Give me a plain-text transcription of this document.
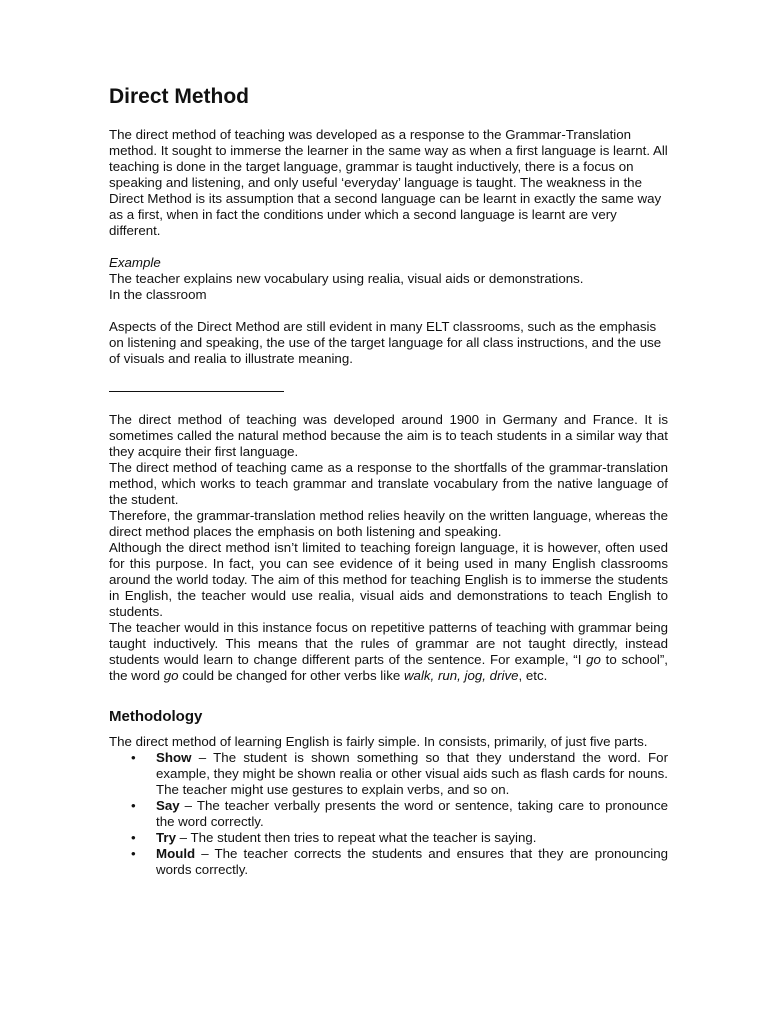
Direct Method

The direct method of teaching was developed as a response to the Grammar-Translation method. It sought to immerse the learner in the same way as when a first language is learnt. All teaching is done in the target language, grammar is taught inductively, there is a focus on speaking and listening, and only useful ‘everyday’ language is taught. The weakness in the Direct Method is its assumption that a second language can be learnt in exactly the same way as a first, when in fact the conditions under which a second language is learnt are very different.

Example

The teacher explains new vocabulary using realia, visual aids or demonstrations.

In the classroom

Aspects of the Direct Method are still evident in many ELT classrooms, such as the emphasis on listening and speaking, the use of the target language for all class instructions, and the use of visuals and realia to illustrate meaning.

The direct method of teaching was developed around 1900 in Germany and France. It is sometimes called the natural method because the aim is to teach students in a similar way that they acquire their first language.

The direct method of teaching came as a response to the shortfalls of the grammar-translation method, which works to teach grammar and translate vocabulary from the native language of the student.

Therefore, the grammar-translation method relies heavily on the written language, whereas the direct method places the emphasis on both listening and speaking.

Although the direct method isn’t limited to teaching foreign language, it is however, often used for this purpose. In fact, you can see evidence of it being used in many English classrooms around the world today. The aim of this method for teaching English is to immerse the students in English, the teacher would use realia, visual aids and demonstrations to teach English to students.

The teacher would in this instance focus on repetitive patterns of teaching with grammar being taught inductively. This means that the rules of grammar are not taught directly, instead students would learn to change different parts of the sentence. For example, “I go to school”, the word go could be changed for other verbs like walk, run, jog, drive, etc.

Methodology

The direct method of learning English is fairly simple. In consists, primarily, of just five parts.

• Show – The student is shown something so that they understand the word. For example, they might be shown realia or other visual aids such as flash cards for nouns. The teacher might use gestures to explain verbs, and so on.
• Say – The teacher verbally presents the word or sentence, taking care to pronounce the word correctly.
• Try – The student then tries to repeat what the teacher is saying.
• Mould – The teacher corrects the students and ensures that they are pronouncing words correctly.
